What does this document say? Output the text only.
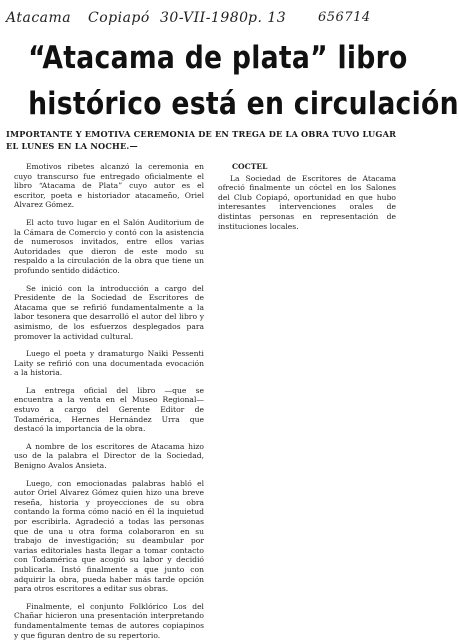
Atacama Copiapó 30-VII-1980 p. 13 656714
“Atacama de plata” libro
histórico está en circulación

IMPORTANTE Y EMOTIVA CEREMONIA DE EN TREGA DE LA OBRA TUVO LUGAR EL LUNES EN LA NOCHE.—

Emotivos ribetes alcanzó la ceremonia en cuyo transcurso fue entregado oficialmente el libro “Atacama de Plata” cuyo autor es el escritor, poeta e historiador atacameño, Oriel Alvarez Gómez.

El acto tuvo lugar en el Salón Auditorium de la Cámara de Comercio y contó con la asistencia de numerosos invitados, entre ellos varias Autoridades que dieron de este modo su respaldo a la circulación de la obra que tiene un profundo sentido didáctico.

Se inició con la introducción a cargo del Presidente de la Sociedad de Escritores de Atacama que se refirió fundamentalmente a la labor tesonera que desarrolló el autor del libro y asimismo, de los esfuerzos desplegados para promover la actividad cultural.

Luego el poeta y dramaturgo Naiki Pessenti Laity se refirió con una documentada evocación a la historia.

La entrega oficial del libro —que se encuentra a la venta en el Museo Regional— estuvo a cargo del Gerente Editor de Todamérica, Hernes Hernández Urra que destacó la importancia de la obra.

A nombre de los escritores de Atacama hizo uso de la palabra el Director de la Sociedad, Benigno Avalos Ansieta.

Luego, con emocionadas palabras habló el autor Oriel Alvarez Gómez quien hizo una breve reseña, historia y proyecciones de su obra contando la forma cómo nació en él la inquietud por escribirla. Agradeció a todas las personas que de una u otra forma colaboraron en su trabajo de investigación; su deambular por varias editoriales hasta llegar a tomar contacto con Todamérica que acogió su labor y decidió publicarla. Instó finalmente a que junto con adquirir la obra, pueda haber más tarde opción para otros escritores a editar sus obras.

Finalmente, el conjunto Folklórico Los del Chañar hicieron una presentación interpretando fundamentalmente temas de autores copiapinos y que figuran dentro de su repertorio.

COCTEL

La Sociedad de Escritores de Atacama ofreció finalmente un cóctel en los Salones del Club Copiapó, oportunidad en que hubo interesantes intervenciones orales de distintas personas en representación de instituciones locales.
